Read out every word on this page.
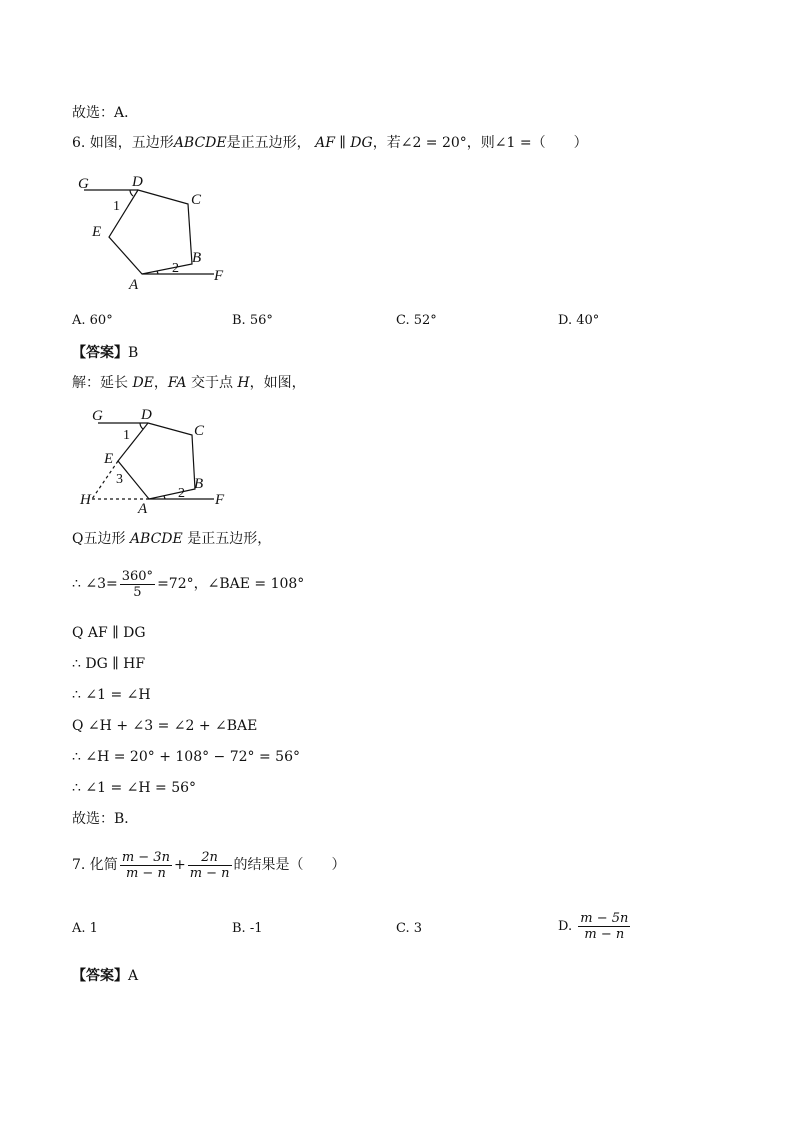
故选：A．
6. 如图，五边形ABCDE是正五边形， AF ∥ DG，若∠2 = 20°，则∠1 =（　　）
G	D
C
E
B
A
F
1
2
A. 60°	B. 56°	C. 52°	D. 40°
【答案】B
解：延长 DE，FA 交于点 H，如图，
G	D
C
E
B
A
F
H
1
2
3
Q五边形 ABCDE 是正五边形，
∴ ∠3= $\frac{360^\circ}{5} =72^\circ$，∠BAE = 108°
Q AF ∥ DG
∴ DG ∥ HF
∴ ∠1 = ∠H
Q ∠H + ∠3 = ∠2 + ∠BAE
∴ ∠H = 20° + 108° − 72° = 56°
∴ ∠1 = ∠H = 56°
故选：B．
7. 化简 $\frac{m - 3n}{m - n} + \frac{2n}{m - n}$ 的结果是（　　）
A. 1	B. -1	C. 3	D. $\frac{m - 5n}{m - n}$
【答案】A
